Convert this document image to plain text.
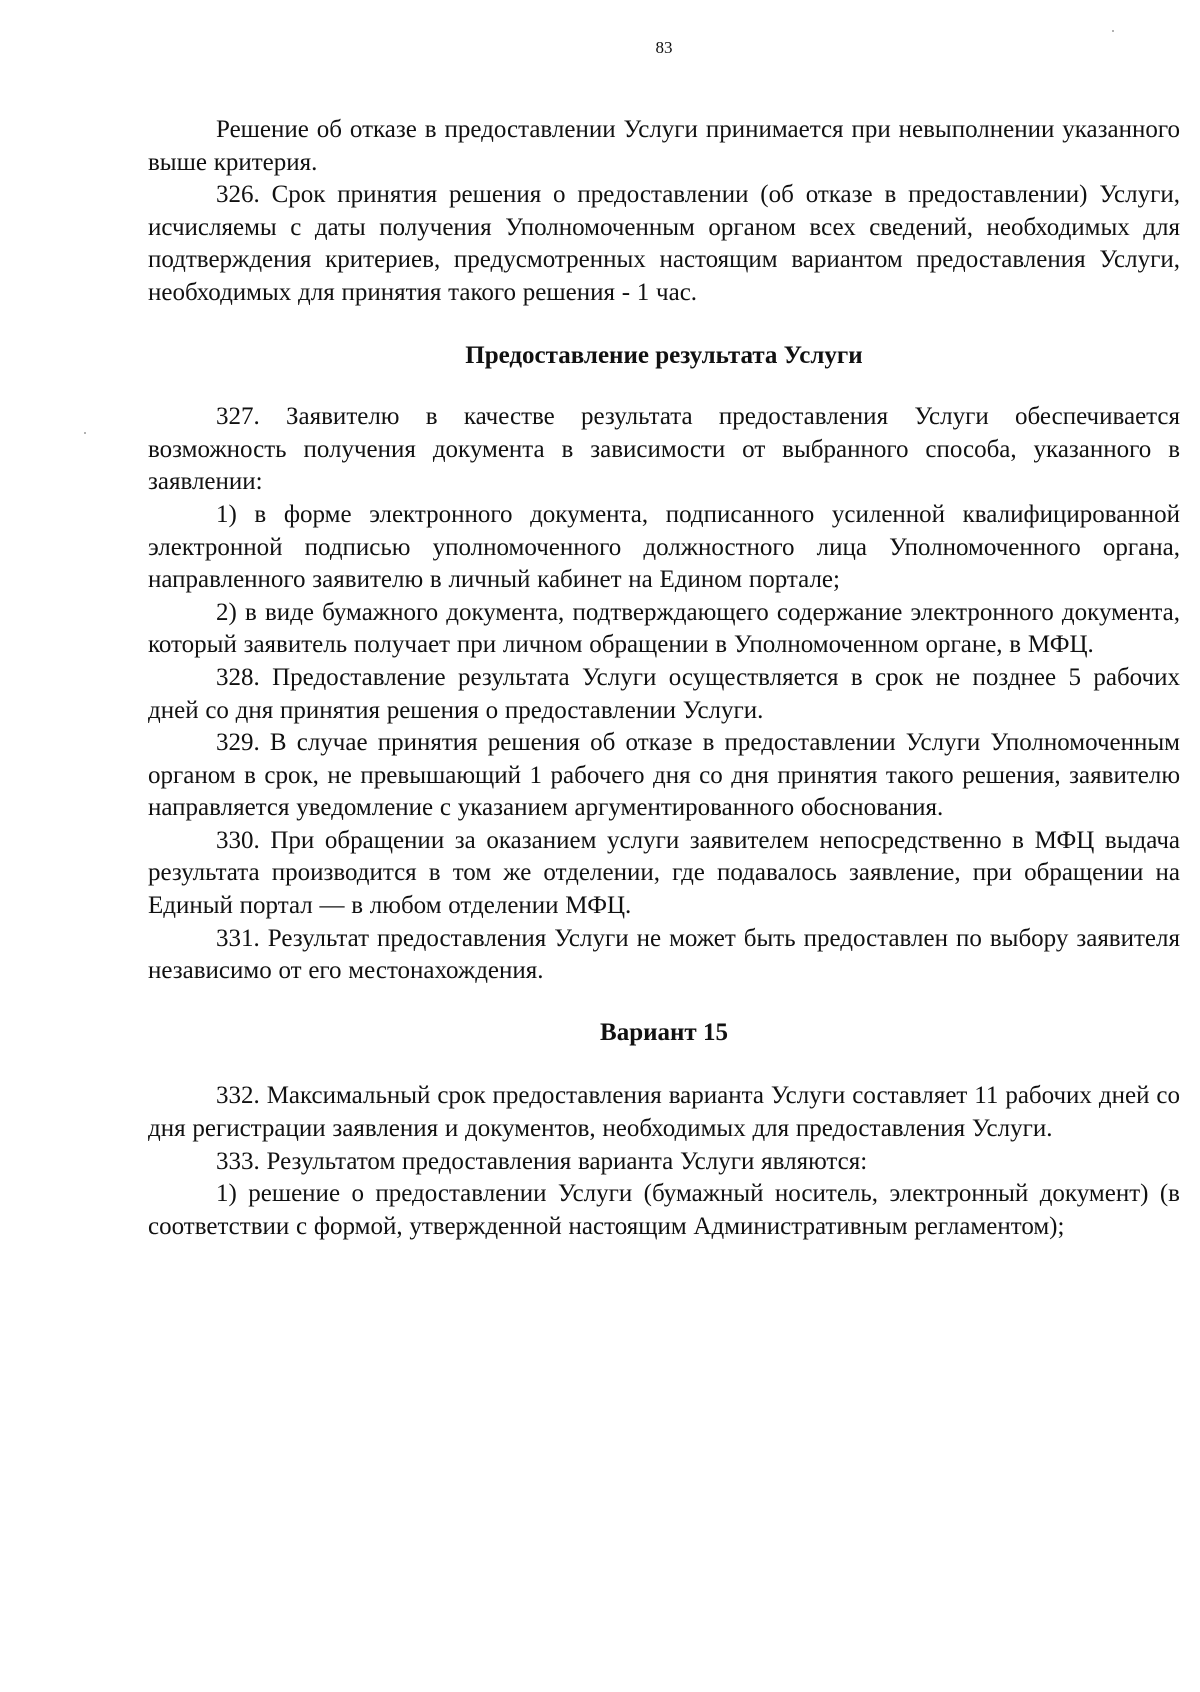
83

Решение об отказе в предоставлении Услуги принимается при невыполнении указанного выше критерия.

326. Срок принятия решения о предоставлении (об отказе в предоставлении) Услуги, исчисляемы с даты получения Уполномоченным органом всех сведений, необходимых для подтверждения критериев, предусмотренных настоящим вариантом предоставления Услуги, необходимых для принятия такого решения - 1 час.

Предоставление результата Услуги

327. Заявителю в качестве результата предоставления Услуги обеспечивается возможность получения документа в зависимости от выбранного способа, указанного в заявлении:

1) в форме электронного документа, подписанного усиленной квалифицированной электронной подписью уполномоченного должностного лица Уполномоченного органа, направленного заявителю в личный кабинет на Едином портале;

2) в виде бумажного документа, подтверждающего содержание электронного документа, который заявитель получает при личном обращении в Уполномоченном органе, в МФЦ.

328. Предоставление результата Услуги осуществляется в срок не позднее 5 рабочих дней со дня принятия решения о предоставлении Услуги.

329. В случае принятия решения об отказе в предоставлении Услуги Уполномоченным органом в срок, не превышающий 1 рабочего дня со дня принятия такого решения, заявителю направляется уведомление с указанием аргументированного обоснования.

330. При обращении за оказанием услуги заявителем непосредственно в МФЦ выдача результата производится в том же отделении, где подавалось заявление, при обращении на Единый портал — в любом отделении МФЦ.

331. Результат предоставления Услуги не может быть предоставлен по выбору заявителя независимо от его местонахождения.

Вариант 15

332. Максимальный срок предоставления варианта Услуги составляет 11 рабочих дней со дня регистрации заявления и документов, необходимых для предоставления Услуги.

333. Результатом предоставления варианта Услуги являются:

1) решение о предоставлении Услуги (бумажный носитель, электронный документ) (в соответствии с формой, утвержденной настоящим Административным регламентом);
